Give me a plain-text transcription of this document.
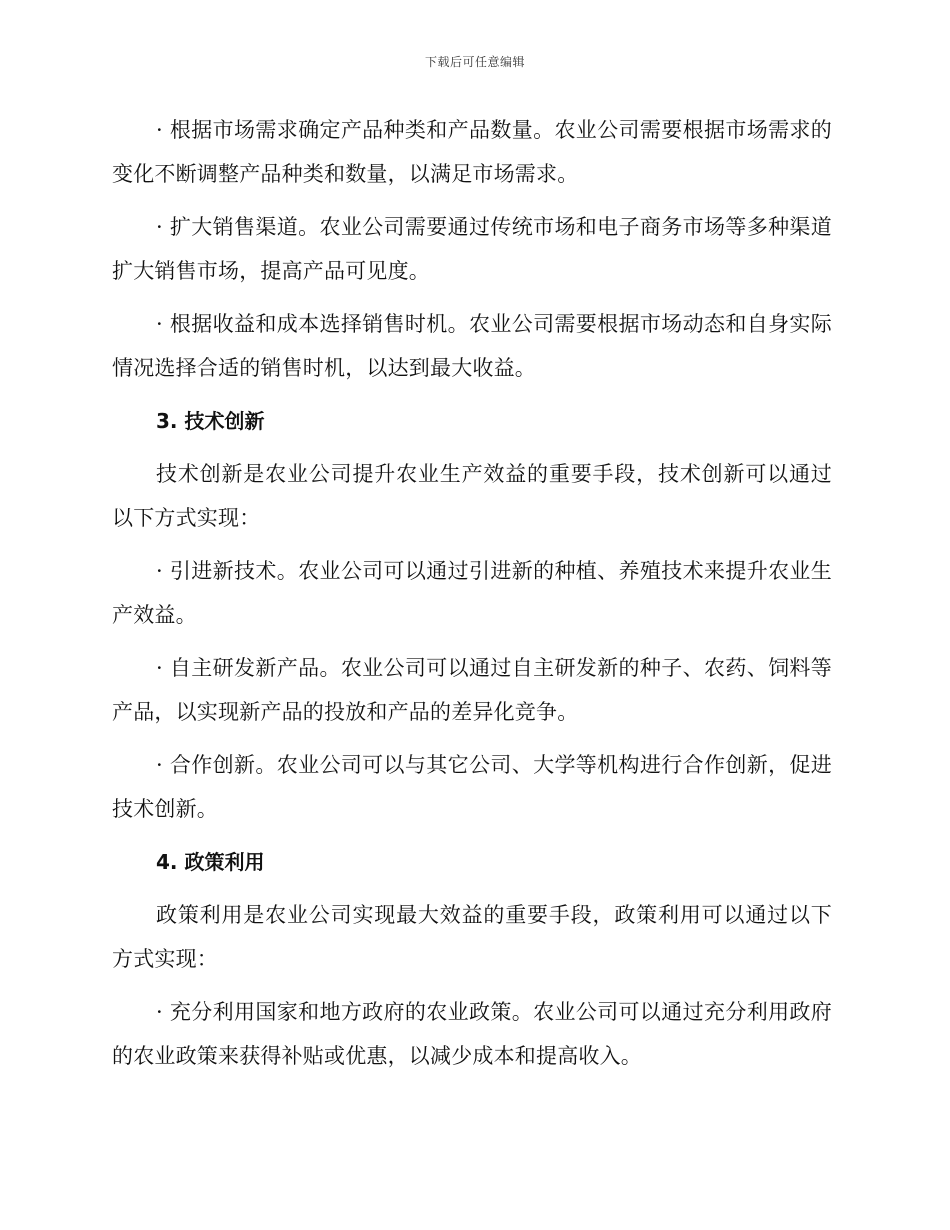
下载后可任意编辑

· 根据市场需求确定产品种类和产品数量。农业公司需要根据市场需求的变化不断调整产品种类和数量，以满足市场需求。

· 扩大销售渠道。农业公司需要通过传统市场和电子商务市场等多种渠道扩大销售市场，提高产品可见度。

· 根据收益和成本选择销售时机。农业公司需要根据市场动态和自身实际情况选择合适的销售时机，以达到最大收益。

3. 技术创新

技术创新是农业公司提升农业生产效益的重要手段，技术创新可以通过以下方式实现：

· 引进新技术。农业公司可以通过引进新的种植、养殖技术来提升农业生产效益。

· 自主研发新产品。农业公司可以通过自主研发新的种子、农药、饲料等产品，以实现新产品的投放和产品的差异化竞争。

· 合作创新。农业公司可以与其它公司、大学等机构进行合作创新，促进技术创新。

4. 政策利用

政策利用是农业公司实现最大效益的重要手段，政策利用可以通过以下方式实现：

· 充分利用国家和地方政府的农业政策。农业公司可以通过充分利用政府的农业政策来获得补贴或优惠，以减少成本和提高收入。
